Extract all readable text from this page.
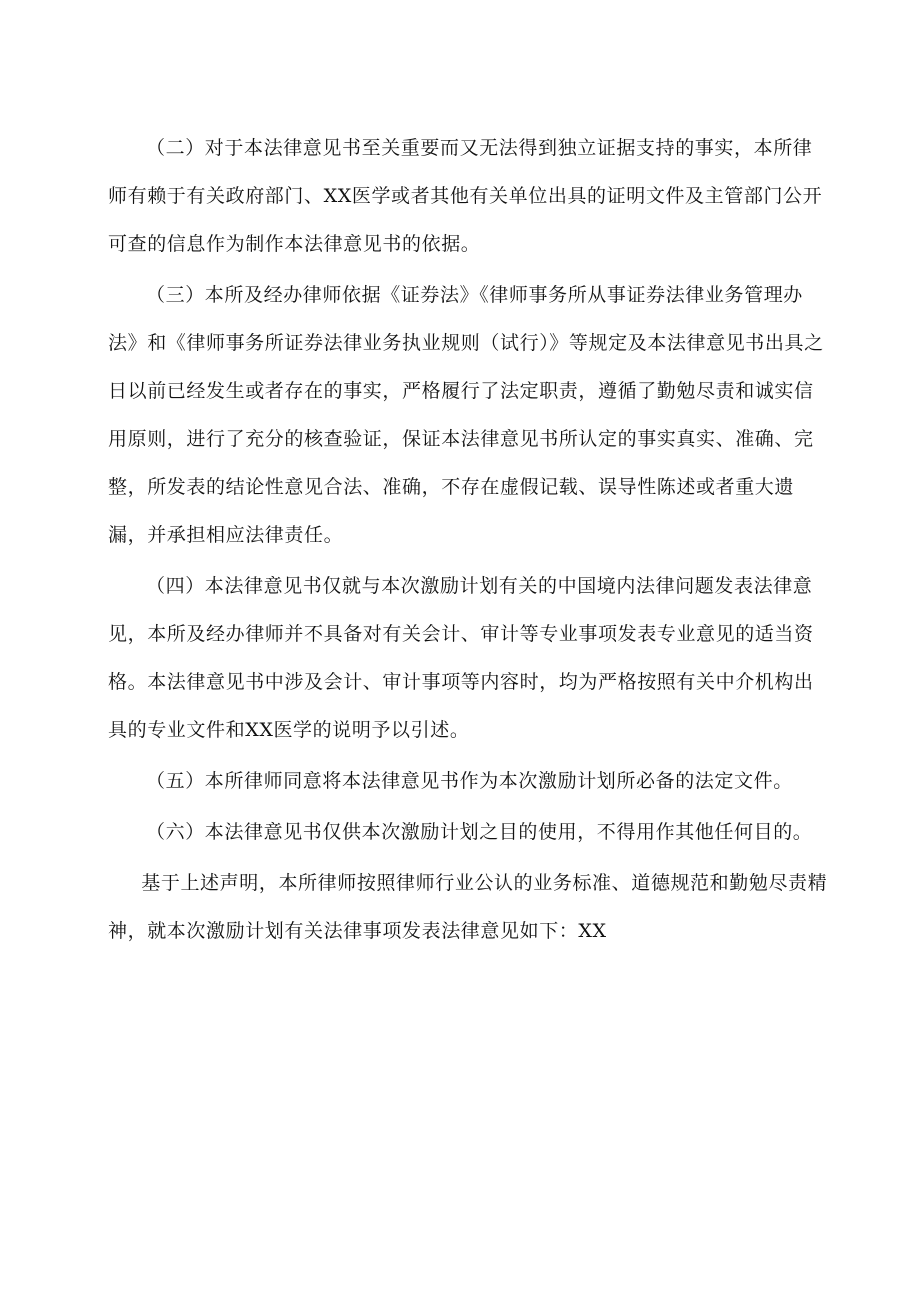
（二）对于本法律意见书至关重要而又无法得到独立证据支持的事实，本所律师有赖于有关政府部门、XX医学或者其他有关单位出具的证明文件及主管部门公开可查的信息作为制作本法律意见书的依据。

（三）本所及经办律师依据《证券法》《律师事务所从事证券法律业务管理办法》和《律师事务所证券法律业务执业规则（试行）》等规定及本法律意见书出具之日以前已经发生或者存在的事实，严格履行了法定职责，遵循了勤勉尽责和诚实信用原则，进行了充分的核查验证，保证本法律意见书所认定的事实真实、准确、完整，所发表的结论性意见合法、准确，不存在虚假记载、误导性陈述或者重大遗漏，并承担相应法律责任。

（四）本法律意见书仅就与本次激励计划有关的中国境内法律问题发表法律意见，本所及经办律师并不具备对有关会计、审计等专业事项发表专业意见的适当资格。本法律意见书中涉及会计、审计事项等内容时，均为严格按照有关中介机构出具的专业文件和XX医学的说明予以引述。

（五）本所律师同意将本法律意见书作为本次激励计划所必备的法定文件。

（六）本法律意见书仅供本次激励计划之目的使用，不得用作其他任何目的。

基于上述声明，本所律师按照律师行业公认的业务标准、道德规范和勤勉尽责精神，就本次激励计划有关法律事项发表法律意见如下：XX
